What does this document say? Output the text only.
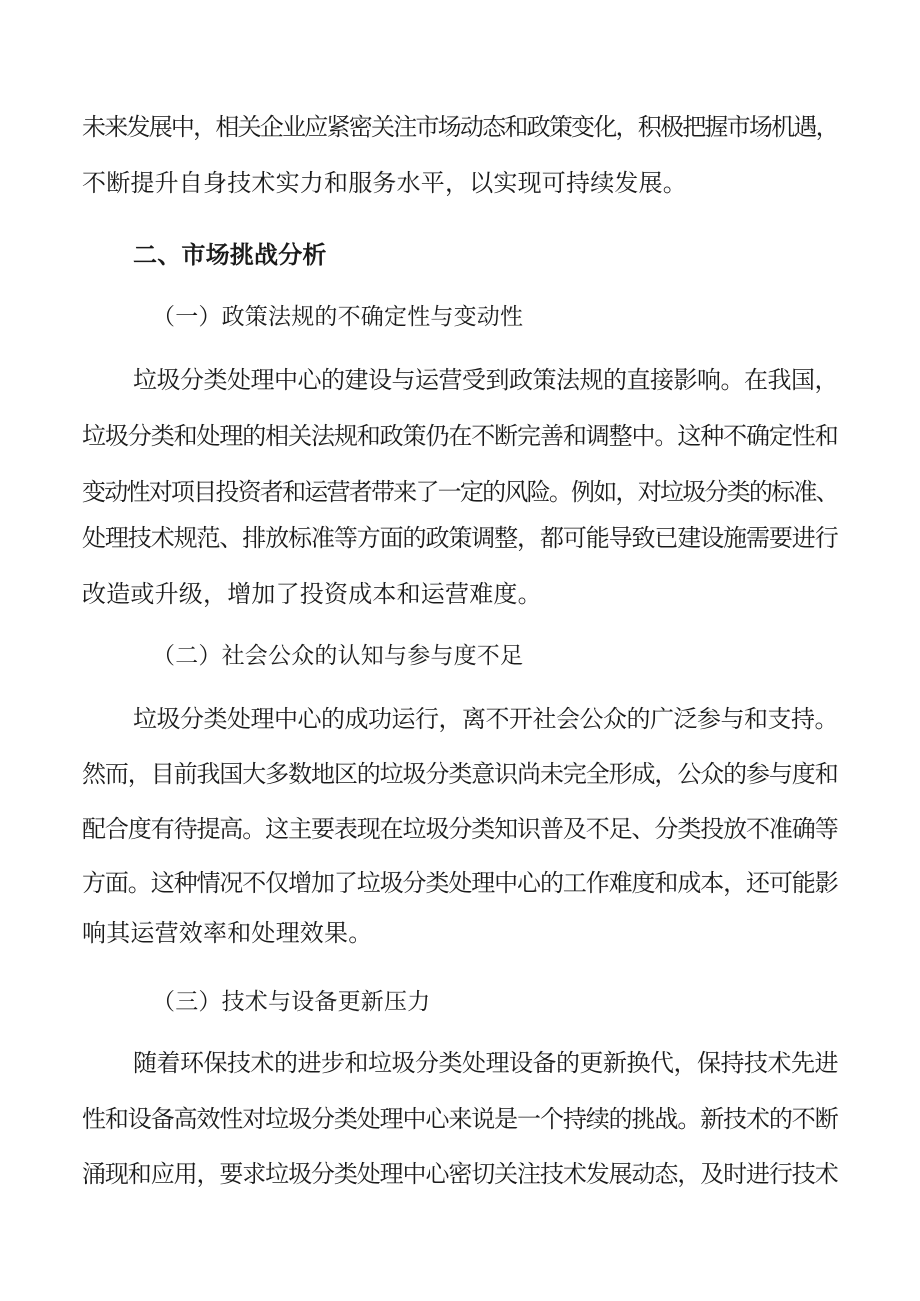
未来发展中，相关企业应紧密关注市场动态和政策变化，积极把握市场机遇，
不断提升自身技术实力和服务水平，以实现可持续发展。
二、市场挑战分析
（一）政策法规的不确定性与变动性
垃圾分类处理中心的建设与运营受到政策法规的直接影响。在我国，
垃圾分类和处理的相关法规和政策仍在不断完善和调整中。这种不确定性和
变动性对项目投资者和运营者带来了一定的风险。例如，对垃圾分类的标准、
处理技术规范、排放标准等方面的政策调整，都可能导致已建设施需要进行
改造或升级，增加了投资成本和运营难度。
（二）社会公众的认知与参与度不足
垃圾分类处理中心的成功运行，离不开社会公众的广泛参与和支持。
然而，目前我国大多数地区的垃圾分类意识尚未完全形成，公众的参与度和
配合度有待提高。这主要表现在垃圾分类知识普及不足、分类投放不准确等
方面。这种情况不仅增加了垃圾分类处理中心的工作难度和成本，还可能影
响其运营效率和处理效果。
（三）技术与设备更新压力
随着环保技术的进步和垃圾分类处理设备的更新换代，保持技术先进
性和设备高效性对垃圾分类处理中心来说是一个持续的挑战。新技术的不断
涌现和应用，要求垃圾分类处理中心密切关注技术发展动态，及时进行技术
